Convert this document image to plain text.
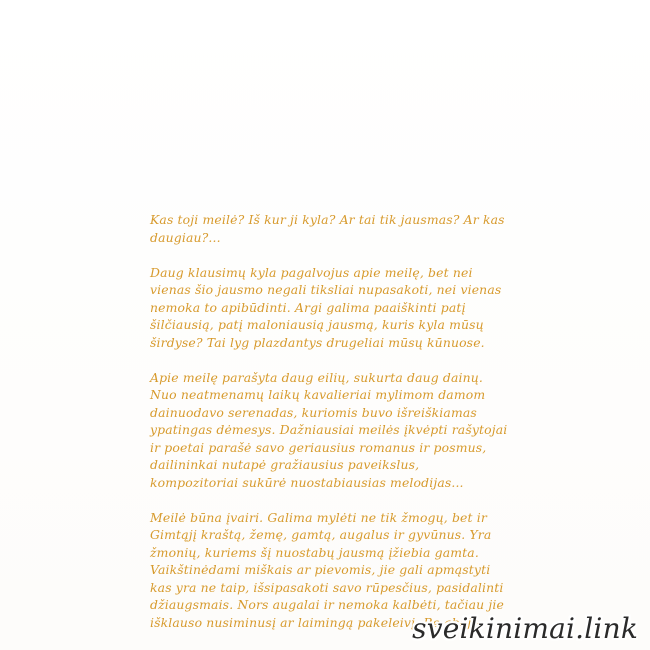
Kas toji meilė? Iš kur ji kyla? Ar tai tik jausmas? Ar kas
daugiau?...

Daug klausimų kyla pagalvojus apie meilę, bet nei
vienas šio jausmo negali tiksliai nupasakoti, nei vienas
nemoka to apibūdinti. Argi galima paaiškinti patį
šilčiausią, patį maloniausią jausmą, kuris kyla mūsų
širdyse? Tai lyg plazdantys drugeliai mūsų kūnuose.

Apie meilę parašyta daug eilių, sukurta daug dainų.
Nuo neatmenamų laikų kavalieriai mylimom damom
dainuodavo serenadas, kuriomis buvo išreiškiamas
ypatingas dėmesys. Dažniausiai meilės įkvėpti rašytojai
ir poetai parašė savo geriausius romanus ir posmus,
dailininkai nutapė gražiausius paveikslus,
kompozitoriai sukūrė nuostabiausias melodijas...

Meilė būna įvairi. Galima mylėti ne tik žmogų, bet ir
Gimtąjį kraštą, žemę, gamtą, augalus ir gyvūnus. Yra
žmonių, kuriems šį nuostabų jausmą įžiebia gamta.
Vaikštinėdami miškais ar pievomis, jie gali apmąstyti
kas yra ne taip, išsipasakoti savo rūpesčius, pasidalinti
džiaugsmais. Nors augalai ir nemoka kalbėti, tačiau jie
išklauso nusiminusį ar laimingą pakeleivį. Be abejo,

sveikinimai.link
